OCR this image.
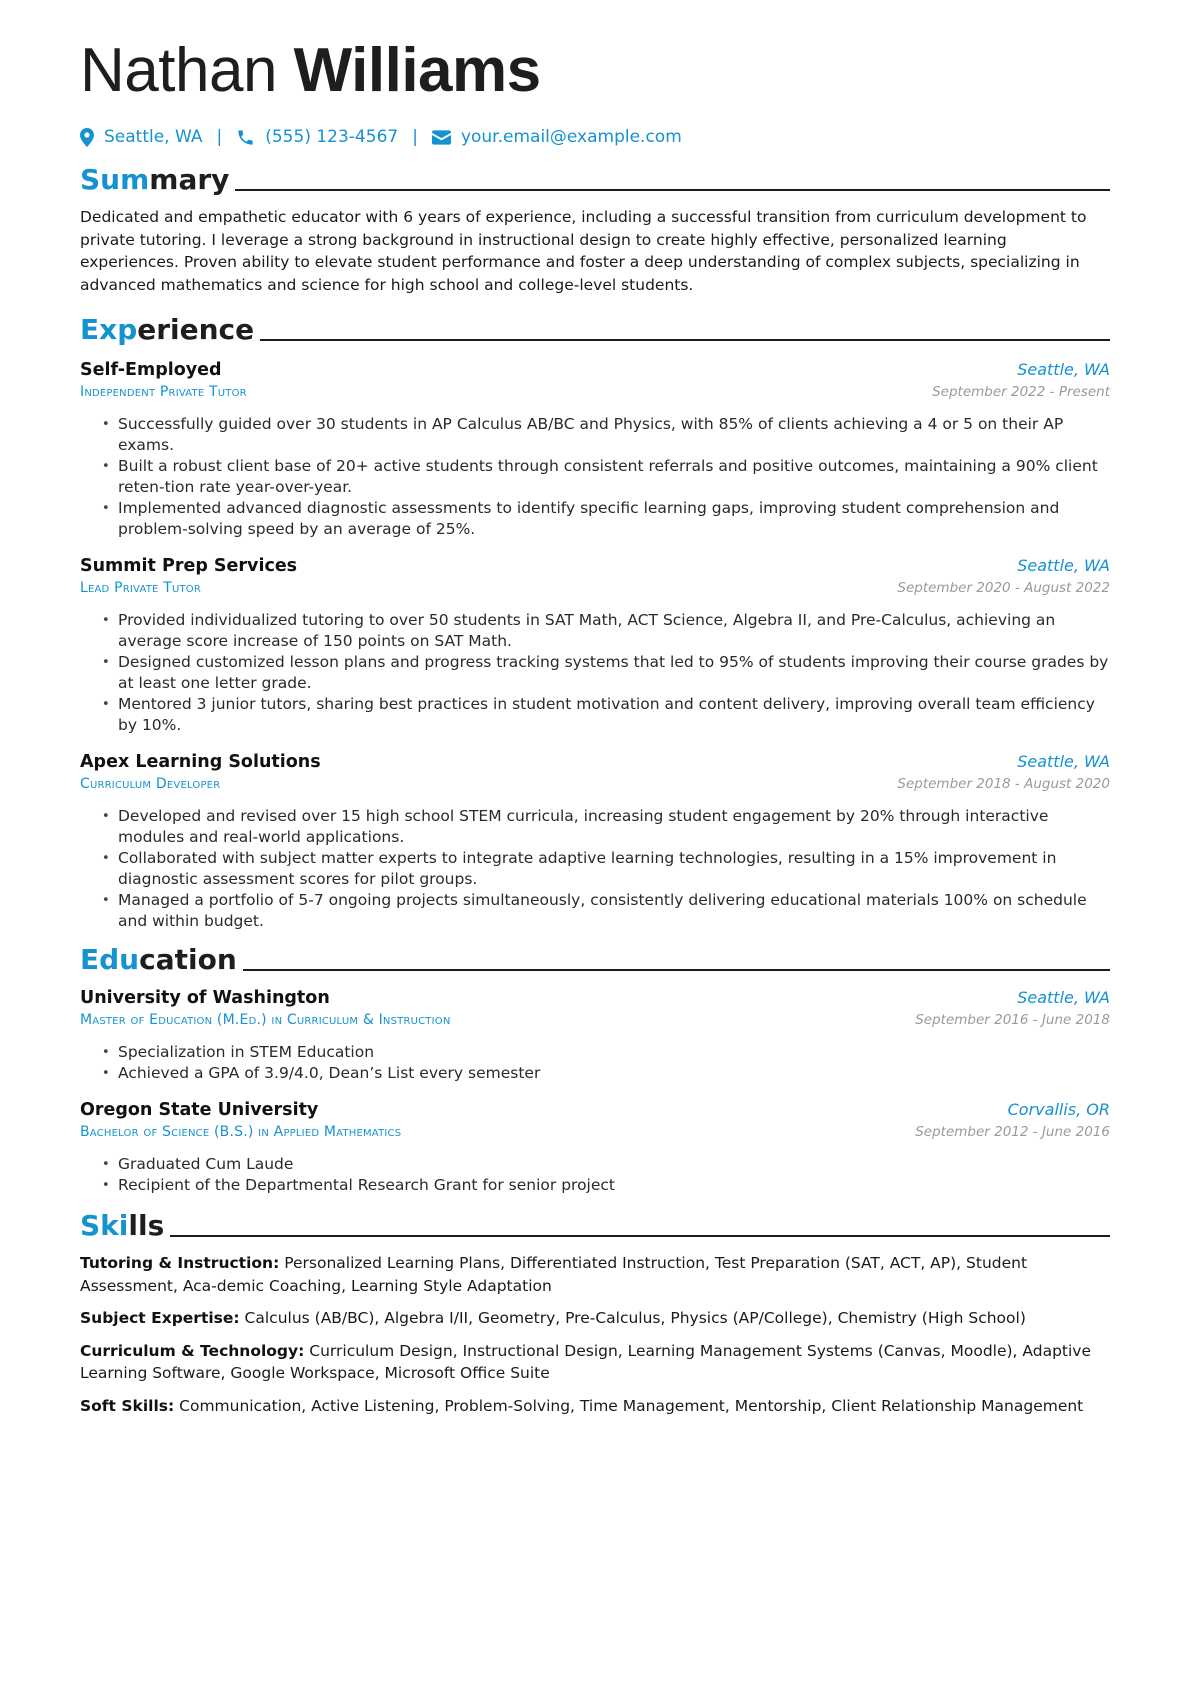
Nathan Williams
Seattle, WA |	(555) 123-4567 |	your.email@example.com
Sum mary

Dedicated and empathetic educator with 6 years of experience, including a successful transition from curriculum development to private tutoring. I leverage a strong background in instructional design to create highly effective, personalized learning experiences. Proven ability to elevate student performance and foster a deep understanding of complex subjects, specializing in advanced mathematics and science for high school and college-level students.

Exp erience
Self-Employed	Seattle, WA
Independent Private Tutor	September 2022 - Present
• Successfully guided over 30 students in AP Calculus AB/BC and Physics, with 85% of clients achieving a 4 or 5 on their AP exams.
• Built a robust client base of 20+ active students through consistent referrals and positive outcomes, maintaining a 90% client reten-tion rate year-over-year.
• Implemented advanced diagnostic assessments to identify specific learning gaps, improving student comprehension and problem-solving speed by an average of 25%.
Summit Prep Services	Seattle, WA
Lead Private Tutor	September 2020 - August 2022
• Provided individualized tutoring to over 50 students in SAT Math, ACT Science, Algebra II, and Pre-Calculus, achieving an average score increase of 150 points on SAT Math.
• Designed customized lesson plans and progress tracking systems that led to 95% of students improving their course grades by at least one letter grade.
• Mentored 3 junior tutors, sharing best practices in student motivation and content delivery, improving overall team efficiency by 10%.
Apex Learning Solutions	Seattle, WA
Curriculum Developer	September 2018 - August 2020
• Developed and revised over 15 high school STEM curricula, increasing student engagement by 20% through interactive modules and real-world applications.
• Collaborated with subject matter experts to integrate adaptive learning technologies, resulting in a 15% improvement in diagnostic assessment scores for pilot groups.
• Managed a portfolio of 5-7 ongoing projects simultaneously, consistently delivering educational materials 100% on schedule and within budget.
Edu cation
University of Washington	Seattle, WA
Master of Education (M.Ed.) in Curriculum & Instruction	September 2016 - June 2018
• Specialization in STEM Education
• Achieved a GPA of 3.9/4.0, Dean’s List every semester
Oregon State University	Corvallis, OR
Bachelor of Science (B.S.) in Applied Mathematics	September 2012 - June 2016
• Graduated Cum Laude
• Recipient of the Departmental Research Grant for senior project
Ski lls

Tutoring & Instruction: Personalized Learning Plans, Differentiated Instruction, Test Preparation (SAT, ACT, AP), Student Assessment, Aca-demic Coaching, Learning Style Adaptation

Subject Expertise: Calculus (AB/BC), Algebra I/II, Geometry, Pre-Calculus, Physics (AP/College), Chemistry (High School)

Curriculum & Technology: Curriculum Design, Instructional Design, Learning Management Systems (Canvas, Moodle), Adaptive Learning Software, Google Workspace, Microsoft Office Suite

Soft Skills: Communication, Active Listening, Problem-Solving, Time Management, Mentorship, Client Relationship Management
